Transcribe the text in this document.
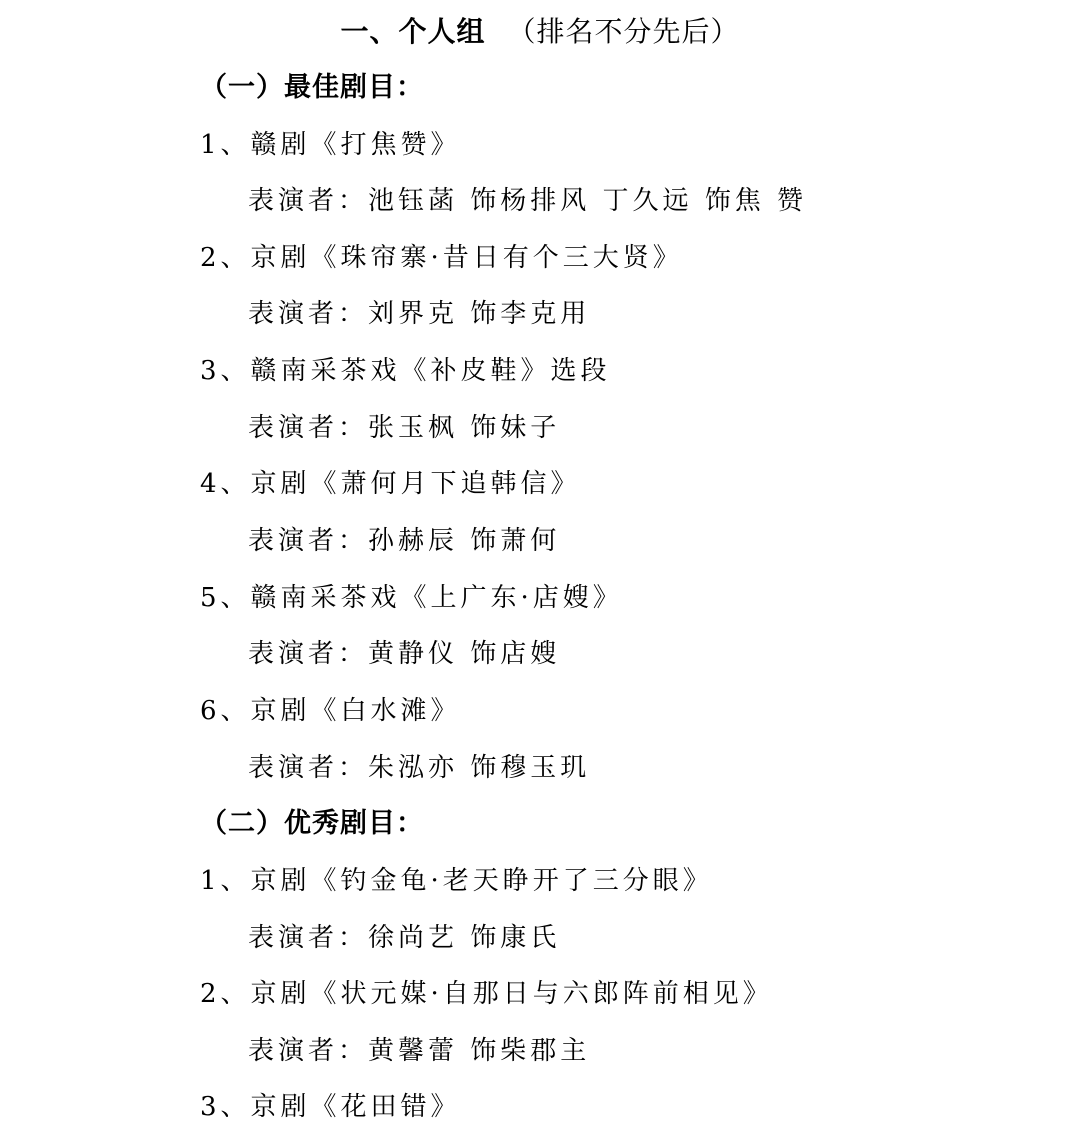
一、个人组 （排名不分先后）
（一）最佳剧目：
1、赣剧《打焦赞》
表演者：池钰菡 饰杨排风 丁久远 饰焦 赞
2、京剧《珠帘寨·昔日有个三大贤》
表演者：刘界克 饰李克用
3、赣南采茶戏《补皮鞋》选段
表演者：张玉枫 饰妹子
4、京剧《萧何月下追韩信》
表演者：孙赫辰 饰萧何
5、赣南采茶戏《上广东·店嫂》
表演者：黄静仪 饰店嫂
6、京剧《白水滩》
表演者：朱泓亦 饰穆玉玑
（二）优秀剧目：
1、京剧《钓金龟·老天睁开了三分眼》
表演者：徐尚艺 饰康氏
2、京剧《状元媒·自那日与六郎阵前相见》
表演者：黄馨蕾 饰柴郡主
3、京剧《花田错》
